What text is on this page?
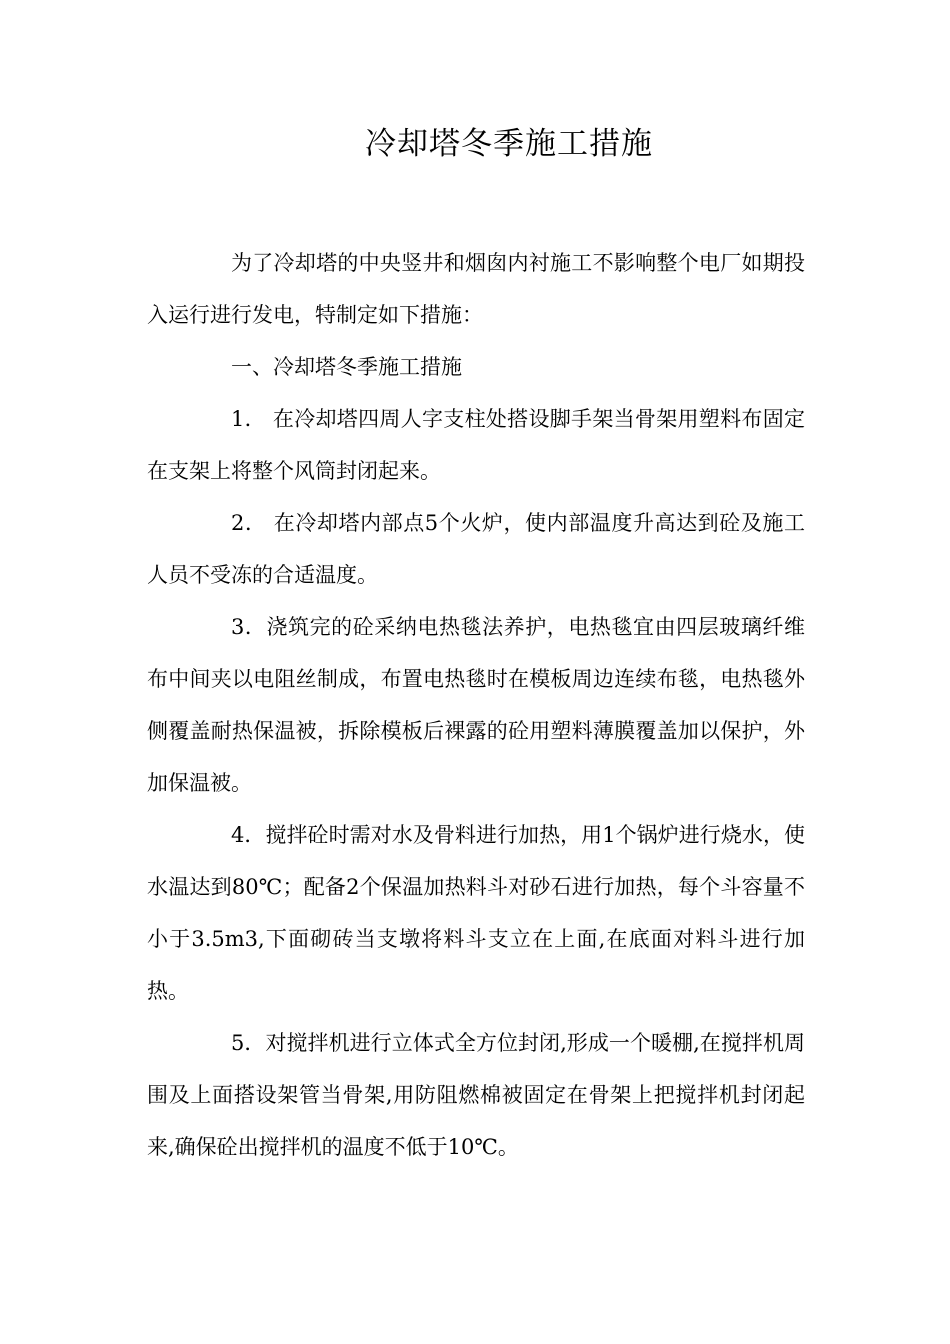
冷却塔冬季施工措施

为了冷却塔的中央竖井和烟囱内衬施工不影响整个电厂如期投入运行进行发电，特制定如下措施：

一、冷却塔冬季施工措施

1． 在冷却塔四周人字支柱处搭设脚手架当骨架用塑料布固定在支架上将整个风筒封闭起来。

2． 在冷却塔内部点5个火炉，使内部温度升高达到砼及施工人员不受冻的合适温度。

3．浇筑完的砼采纳电热毯法养护，电热毯宜由四层玻璃纤维布中间夹以电阻丝制成，布置电热毯时在模板周边连续布毯，电热毯外侧覆盖耐热保温被，拆除模板后裸露的砼用塑料薄膜覆盖加以保护，外加保温被。

4．搅拌砼时需对水及骨料进行加热，用1个锅炉进行烧水，使水温达到80℃；配备2个保温加热料斗对砂石进行加热，每个斗容量不小于3.5m3,下面砌砖当支墩将料斗支立在上面,在底面对料斗进行加热。

5．对搅拌机进行立体式全方位封闭,形成一个暖棚,在搅拌机周围及上面搭设架管当骨架,用防阻燃棉被固定在骨架上把搅拌机封闭起来,确保砼出搅拌机的温度不低于10℃。
